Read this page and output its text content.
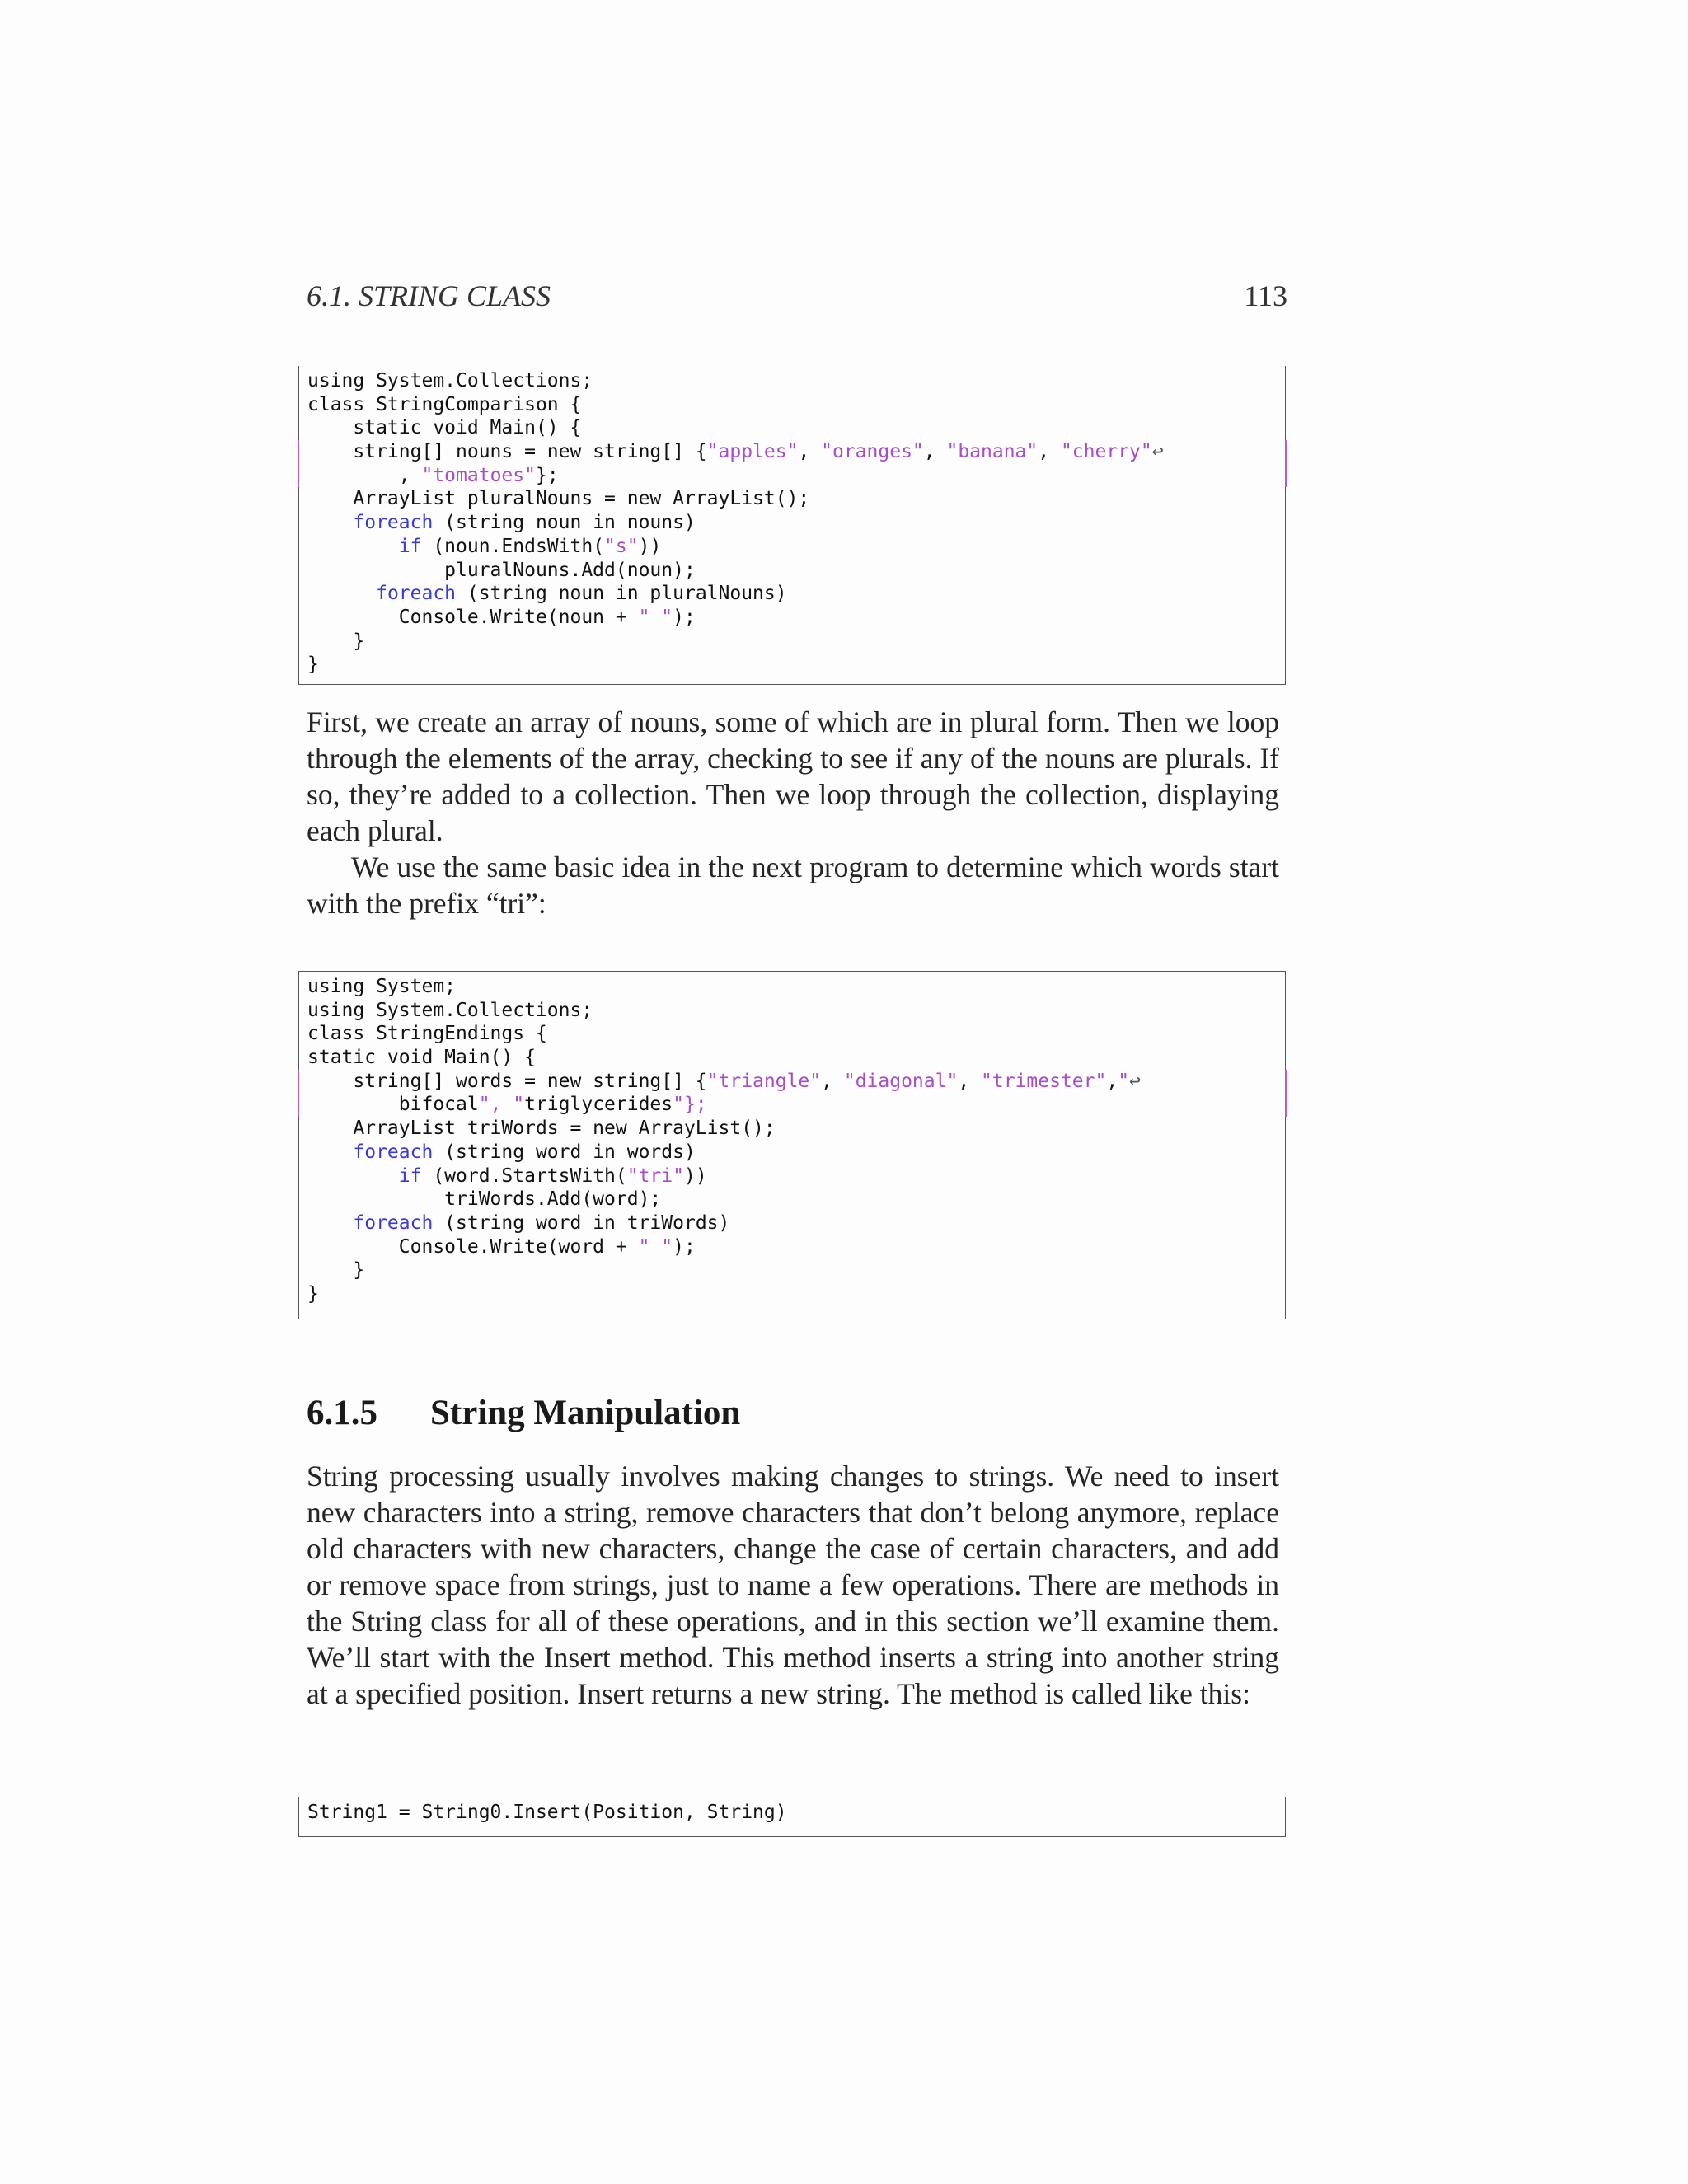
6.1. STRING CLASS	113
using System.Collections;
class StringComparison {
static void Main() {
string[] nouns = new string[] {"apples", "oranges", "banana", "cherry"↩
, "tomatoes"};
ArrayList pluralNouns = new ArrayList();
foreach (string noun in nouns)
if (noun.EndsWith("s"))
pluralNouns.Add(noun);
foreach (string noun in pluralNouns)
Console.Write(noun + " ");
}
}

First, we create an array of nouns, some of which are in plural form. Then we loop through the elements of the array, checking to see if any of the nouns are plurals. If so, they’re added to a collection. Then we loop through the collection, displaying each plural.

We use the same basic idea in the next program to determine which words start with the prefix “tri”:

using System;
using System.Collections;
class StringEndings {
static void Main() {
string[] words = new string[] {"triangle", "diagonal", "trimester","↩
bifocal", "triglycerides"};
ArrayList triWords = new ArrayList();
foreach (string word in words)
if (word.StartsWith("tri"))
triWords.Add(word);
foreach (string word in triWords)
Console.Write(word + " ");
}
}
6.1.5 String Manipulation

String processing usually involves making changes to strings. We need to insert new characters into a string, remove characters that don’t belong anymore, replace old characters with new characters, change the case of certain characters, and add or remove space from strings, just to name a few operations. There are methods in the String class for all of these operations, and in this section we’ll examine them. We’ll start with the Insert method. This method inserts a string into another string at a specified position. Insert returns a new string. The method is called like this:

String1 = String0.Insert(Position, String)
